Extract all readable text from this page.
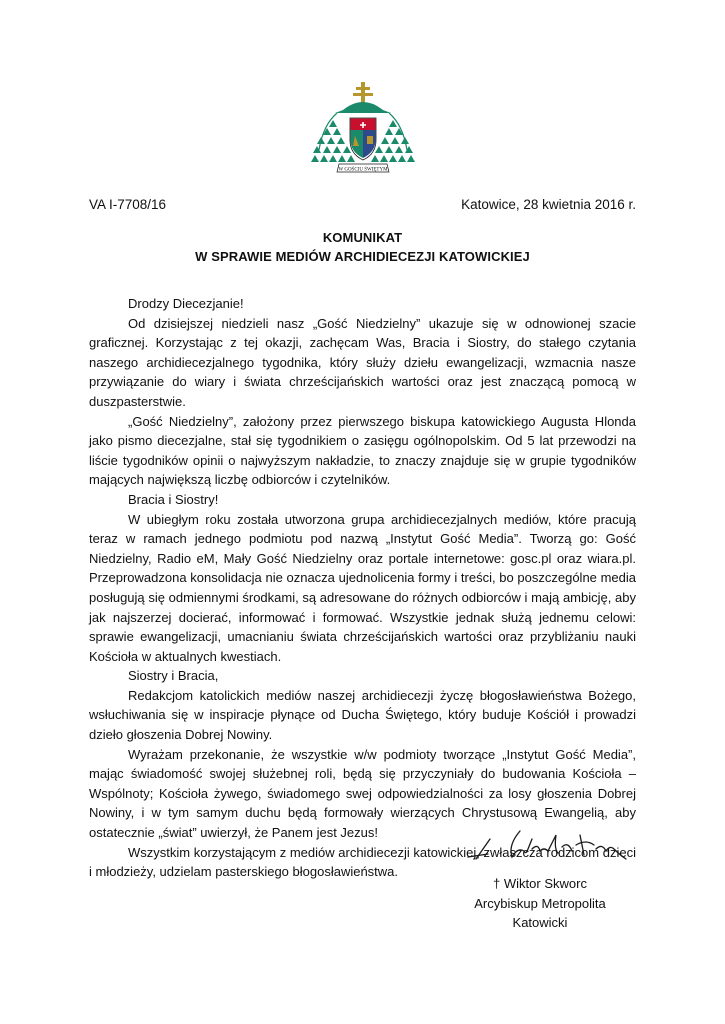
W GOŚCIU ŚWIĘTYM
VA I-7708/16	Katowice, 28 kwietnia 2016 r.
KOMUNIKAT
W SPRAWIE MEDIÓW ARCHIDIECEZJI KATOWICKIEJ

Drodzy Diecezjanie!

Od dzisiejszej niedzieli nasz „Gość Niedzielny” ukazuje się w odnowionej szacie graficznej. Korzystając z tej okazji, zachęcam Was, Bracia i Siostry, do stałego czytania naszego archidiecezjalnego tygodnika, który służy dziełu ewangelizacji, wzmacnia nasze przywiązanie do wiary i świata chrześcijańskich wartości oraz jest znaczącą pomocą w duszpasterstwie.

„Gość Niedzielny”, założony przez pierwszego biskupa katowickiego Augusta Hlonda jako pismo diecezjalne, stał się tygodnikiem o zasięgu ogólnopolskim. Od 5 lat przewodzi na liście tygodników opinii o najwyższym nakładzie, to znaczy znajduje się w grupie tygodników mających największą liczbę odbiorców i czytelników.

Bracia i Siostry!

W ubiegłym roku została utworzona grupa archidiecezjalnych mediów, które pracują teraz w ramach jednego podmiotu pod nazwą „Instytut Gość Media”. Tworzą go: Gość Niedzielny, Radio eM, Mały Gość Niedzielny oraz portale internetowe: gosc.pl oraz wiara.pl. Przeprowadzona konsolidacja nie oznacza ujednolicenia formy i treści, bo poszczególne media posługują się odmiennymi środkami, są adresowane do różnych odbiorców i mają ambicję, aby jak najszerzej docierać, informować i formować. Wszystkie jednak służą jednemu celowi: sprawie ewangelizacji, umacnianiu świata chrześcijańskich wartości oraz przybliżaniu nauki Kościoła w aktualnych kwestiach.

Siostry i Bracia,

Redakcjom katolickich mediów naszej archidiecezji życzę błogosławieństwa Bożego, wsłuchiwania się w inspiracje płynące od Ducha Świętego, który buduje Kościół i prowadzi dzieło głoszenia Dobrej Nowiny.

Wyrażam przekonanie, że wszystkie w/w podmioty tworzące „Instytut Gość Media”, mając świadomość swojej służebnej roli, będą się przyczyniały do budowania Kościoła – Wspólnoty; Kościoła żywego, świadomego swej odpowiedzialności za losy głoszenia Dobrej Nowiny, i w tym samym duchu będą formowały wierzących Chrystusową Ewangelią, aby ostatecznie „świat” uwierzył, że Panem jest Jezus!

Wszystkim korzystającym z mediów archidiecezji katowickiej, zwłaszcza rodzicom dzieci i młodzieży, udzielam pasterskiego błogosławieństwa.

† Wiktor Skworc
Arcybiskup Metropolita
Katowicki
